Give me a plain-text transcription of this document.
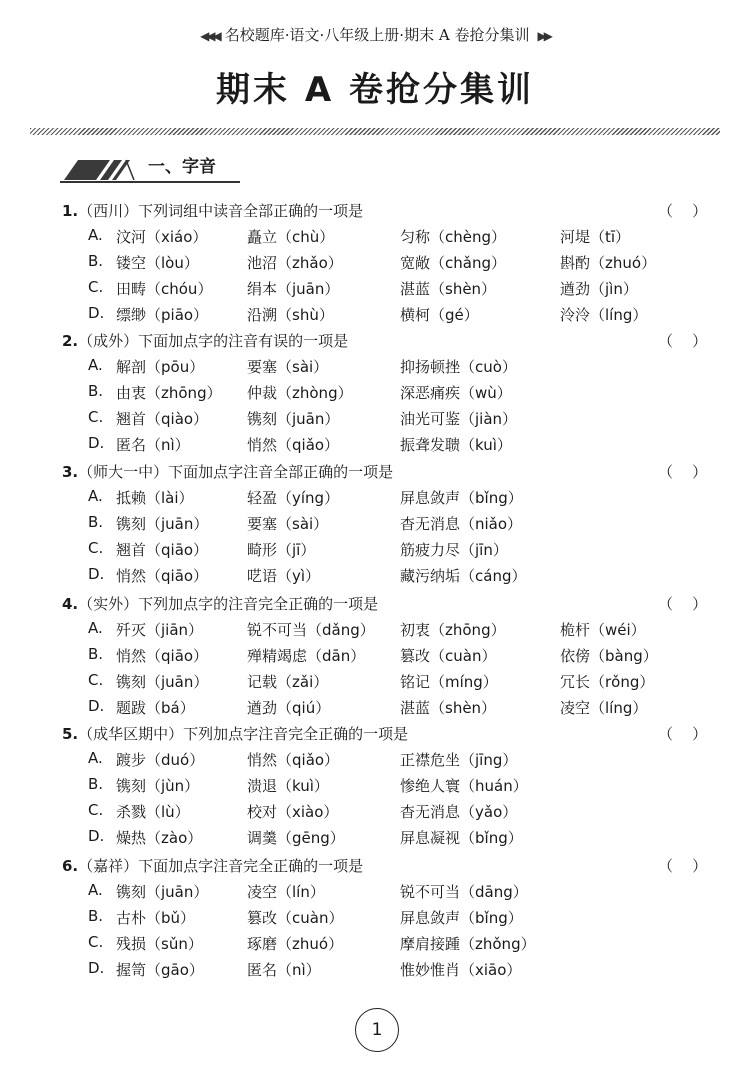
◀◀◀ 名校题库·语文·八年级上册·期末 A 卷抢分集训 ▶▶
期末 A 卷抢分集训
一、字音
1.（西川）下列词组中读音全部正确的一项是	（    ）
A. 汶河（xiáo）	矗立（chù）	匀称（chèng）	河堤（tī）
B. 镂空（lòu）	池沼（zhǎo）	宽敞（chǎng）	斟酌（zhuó）
C. 田畴（chóu） 绢本（juān）	湛蓝（shèn）	遒劲（jìn）
D. 缥缈（piāo）	沿溯（shù）	横柯（gé）	泠泠（líng）
2.（成外）下面加点字的注音有误的一项是	（    ）
A. 解剖（pōu）	要塞（sài）	抑扬顿挫（cuò）
B. 由衷（zhōng） 仲裁（zhòng）	深恶痛疾（wù）
C. 翘首（qiào）	镌刻（juān）	油光可鉴（jiàn）
D. 匿名（nì）	悄然（qiǎo）	振聋发聩（kuì）
3.（师大一中）下面加点字注音全部正确的一项是	（    ）
A. 抵赖（lài）	轻盈（yíng）	屏息敛声（bǐng）
B. 镌刻（juān）	要塞（sài）	杳无消息（niǎo）
C. 翘首（qiāo）	畸形（jī）	筋疲力尽（jīn）
D. 悄然（qiāo）	呓语（yì）	藏污纳垢（cáng）
4.（实外）下列加点字的注音完全正确的一项是	（    ）
A. 歼灭（jiān）	锐不可当（dǎng） 初衷（zhōng）	桅杆（wéi）
B. 悄然（qiāo）	殚精竭虑（dān） 篡改（cuàn）	依傍（bàng）
C. 镌刻（juān）	记载（zǎi）	铭记（míng）	冗长（rǒng）
D. 题跋（bá）	遒劲（qiú）	湛蓝（shèn）	凌空（líng）
5.（成华区期中）下列加点字注音完全正确的一项是	（    ）
A. 踱步（duó）	悄然（qiǎo）	正襟危坐（jīng）
B. 镌刻（jùn）	溃退（kuì）	惨绝人寰（huán）
C. 杀戮（lù）	校对（xiào）	杳无消息（yǎo）
D. 燥热（zào）	调羹（gēng）	屏息凝视（bǐng）
6.（嘉祥）下面加点字注音完全正确的一项是	（    ）
A. 镌刻（juān）	凌空（lín）	锐不可当（dāng）
B. 古朴（bǔ）	篡改（cuàn）	屏息敛声（bǐng）
C. 残损（sǔn）	琢磨（zhuó）	摩肩接踵（zhǒng）
D. 握笥（gāo）	匿名（nì）	惟妙惟肖（xiāo）
1
